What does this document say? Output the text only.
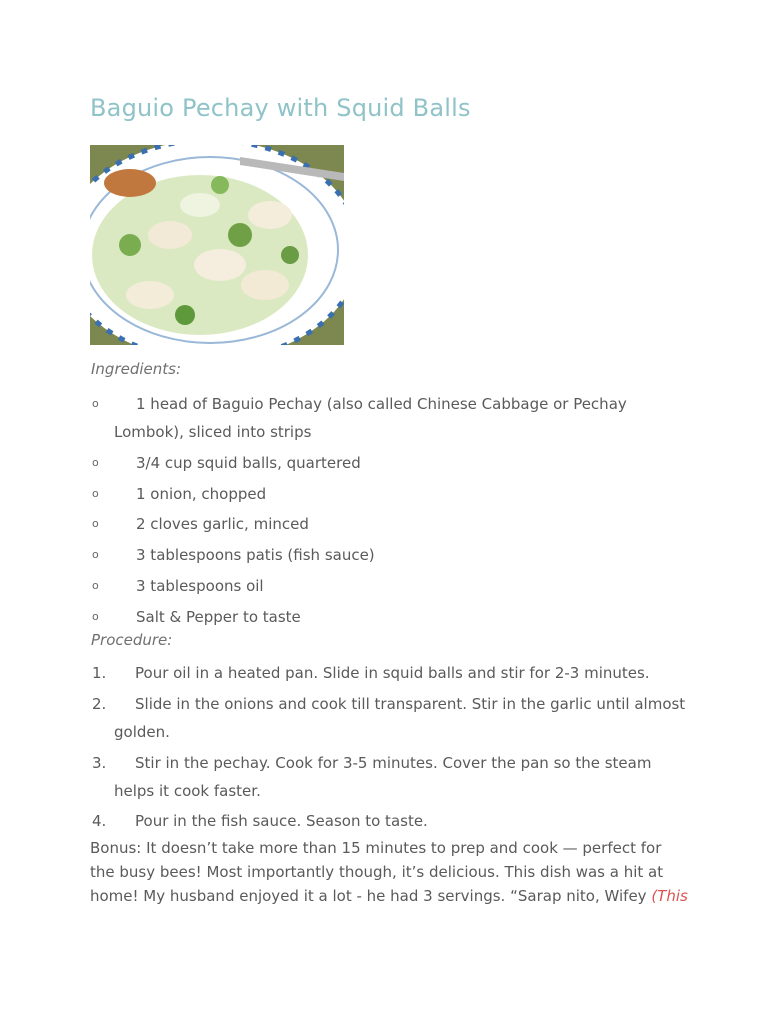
Baguio Pechay with Squid Balls
Ingredients:
o	1 head of Baguio Pechay (also called Chinese Cabbage or Pechay Lombok), sliced into strips
o	3/4 cup squid balls, quartered
o	1 onion, chopped
o	2 cloves garlic, minced
o	3 tablespoons patis (fish sauce)
o	3 tablespoons oil
o	Salt & Pepper to taste
Procedure:
1.	Pour oil in a heated pan. Slide in squid balls and stir for 2-3 minutes.
2.	Slide in the onions and cook till transparent. Stir in the garlic until almost golden.
3.	Stir in the pechay. Cook for 3-5 minutes. Cover the pan so the steam helps it cook faster.
4.	Pour in the fish sauce. Season to taste.
Bonus: It doesn’t take more than 15 minutes to prep and cook — perfect for the busy bees! Most importantly though, it’s delicious. This dish was a hit at home! My husband enjoyed it a lot - he had 3 servings. “Sarap nito, Wifey (This
